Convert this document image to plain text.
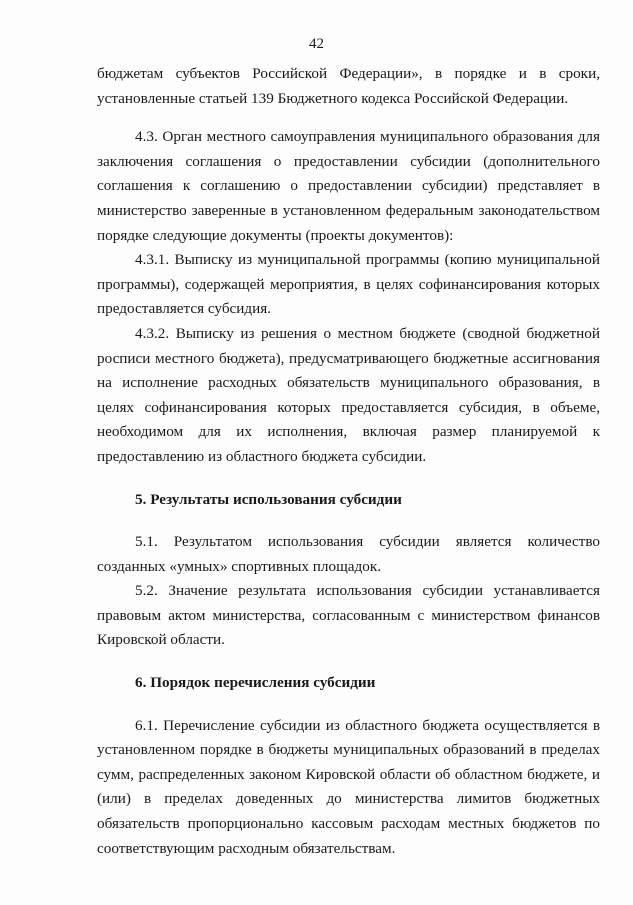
42

бюджетам субъектов Российской Федерации», в порядке и в сроки, установленные статьей 139 Бюджетного кодекса Российской Федерации.

4.3. Орган местного самоуправления муниципального образования для заключения соглашения о предоставлении субсидии (дополнительного соглашения к соглашению о предоставлении субсидии) представляет в министерство заверенные в установленном федеральным законодательством порядке следующие документы (проекты документов):

4.3.1. Выписку из муниципальной программы (копию муниципальной программы), содержащей мероприятия, в целях софинансирования которых предоставляется субсидия.

4.3.2. Выписку из решения о местном бюджете (сводной бюджетной росписи местного бюджета), предусматривающего бюджетные ассигнования на исполнение расходных обязательств муниципального образования, в целях софинансирования которых предоставляется субсидия, в объеме, необходимом для их исполнения, включая размер планируемой к предоставлению из областного бюджета субсидии.

5. Результаты использования субсидии

5.1. Результатом использования субсидии является количество созданных «умных» спортивных площадок.

5.2. Значение результата использования субсидии устанавливается правовым актом министерства, согласованным с министерством финансов Кировской области.

6. Порядок перечисления субсидии

6.1. Перечисление субсидии из областного бюджета осуществляется в установленном порядке в бюджеты муниципальных образований в пределах сумм, распределенных законом Кировской области об областном бюджете, и (или) в пределах доведенных до министерства лимитов бюджетных обязательств пропорционально кассовым расходам местных бюджетов по соответствующим расходным обязательствам.
